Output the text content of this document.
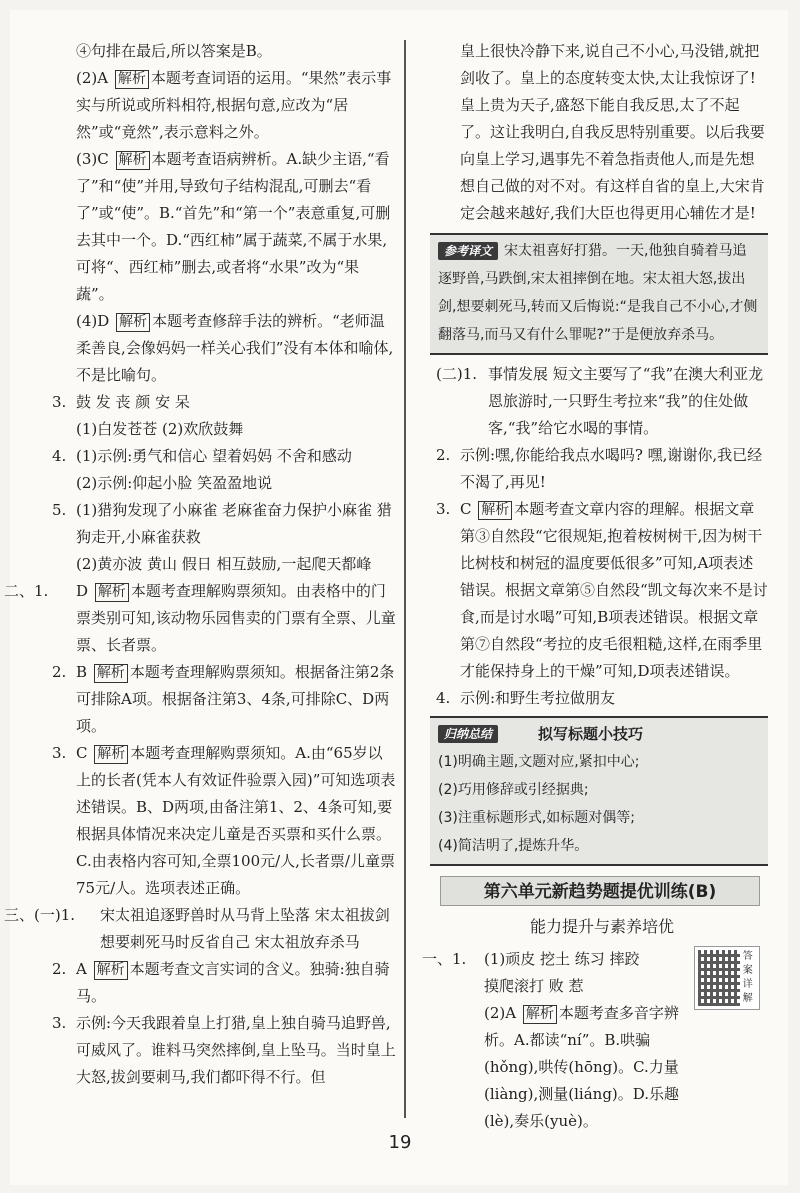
④句排在最后,所以答案是B。
(2)A 解析 本题考查词语的运用。“果然”表示事实与所说或所料相符,根据句意,应改为“居然”或“竟然”,表示意料之外。
(3)C 解析 本题考查语病辨析。A.缺少主语,“看了”和“使”并用,导致句子结构混乱,可删去“看了”或“使”。B.“首先”和“第一个”表意重复,可删去其中一个。D.“西红柿”属于蔬菜,不属于水果,可将“、西红柿”删去,或者将“水果”改为“果蔬”。
(4)D 解析 本题考查修辞手法的辨析。“老师温柔善良,会像妈妈一样关心我们”没有本体和喻体,不是比喻句。
3. 鼓 发 丧 颜 安 呆
(1)白发苍苍 (2)欢欣鼓舞
4. (1)示例:勇气和信心 望着妈妈 不舍和感动
(2)示例:仰起小脸 笑盈盈地说
5. (1)猎狗发现了小麻雀 老麻雀奋力保护小麻雀 猎狗走开,小麻雀获救
(2)黄亦波 黄山 假日 相互鼓励,一起爬天都峰
二、1. D 解析 本题考查理解购票须知。由表格中的门票类别可知,该动物乐园售卖的门票有全票、儿童票、长者票。
2. B 解析 本题考查理解购票须知。根据备注第2条可排除A项。根据备注第3、4条,可排除C、D两项。
3. C 解析 本题考查理解购票须知。A.由“65岁以上的长者(凭本人有效证件验票入园)”可知选项表述错误。B、D两项,由备注第1、2、4条可知,要根据具体情况来决定儿童是否买票和买什么票。C.由表格内容可知,全票100元/人,长者票/儿童票75元/人。选项表述正确。
三、(一)1. 宋太祖追逐野兽时从马背上坠落 宋太祖拔剑想要刺死马时反省自己 宋太祖放弃杀马
2. A 解析 本题考查文言实词的含义。独骑:独自骑马。
3. 示例:今天我跟着皇上打猎,皇上独自骑马追野兽,可威风了。谁料马突然摔倒,皇上坠马。当时皇上大怒,拔剑要刺马,我们都吓得不行。但
皇上很快冷静下来,说自己不小心,马没错,就把剑收了。皇上的态度转变太快,太让我惊讶了!皇上贵为天子,盛怒下能自我反思,太了不起了。这让我明白,自我反思特别重要。以后我要向皇上学习,遇事先不着急指责他人,而是先想想自己做的对不对。有这样自省的皇上,大宋肯定会越来越好,我们大臣也得更用心辅佐才是!
参考译文 宋太祖喜好打猎。一天,他独自骑着马追逐野兽,马跌倒,宋太祖摔倒在地。宋太祖大怒,拔出剑,想要刺死马,转而又后悔说:“是我自己不小心,才侧翻落马,而马又有什么罪呢?”于是便放弃杀马。
(二)1. 事情发展 短文主要写了“我”在澳大利亚龙恩旅游时,一只野生考拉来“我”的住处做客,“我”给它水喝的事情。
2. 示例:嘿,你能给我点水喝吗? 嘿,谢谢你,我已经不渴了,再见!
3. C 解析 本题考查文章内容的理解。根据文章第③自然段“它很规矩,抱着桉树树干,因为树干比树枝和树冠的温度要低很多”可知,A项表述错误。根据文章第⑤自然段“凯文每次来不是讨食,而是讨水喝”可知,B项表述错误。根据文章第⑦自然段“考拉的皮毛很粗糙,这样,在雨季里才能保持身上的干燥”可知,D项表述错误。
4. 示例:和野生考拉做朋友
归纳总结	拟写标题小技巧
(1)明确主题,文题对应,紧扣中心;
(2)巧用修辞或引经据典;
(3)注重标题形式,如标题对偶等;
(4)简洁明了,提炼升华。
第六单元新趋势题提优训练(B)
能力提升与素养培优
一、1. (1)顽皮 挖土 练习 摔跤
摸爬滚打 败 惹
(2)A 解析 本题考查多音字辨析。A.都读“ní”。B.哄骗(hǒng),哄传(hōng)。C.力量(liàng),测量(liáng)。D.乐趣(lè),奏乐(yuè)。
答案详解
19
